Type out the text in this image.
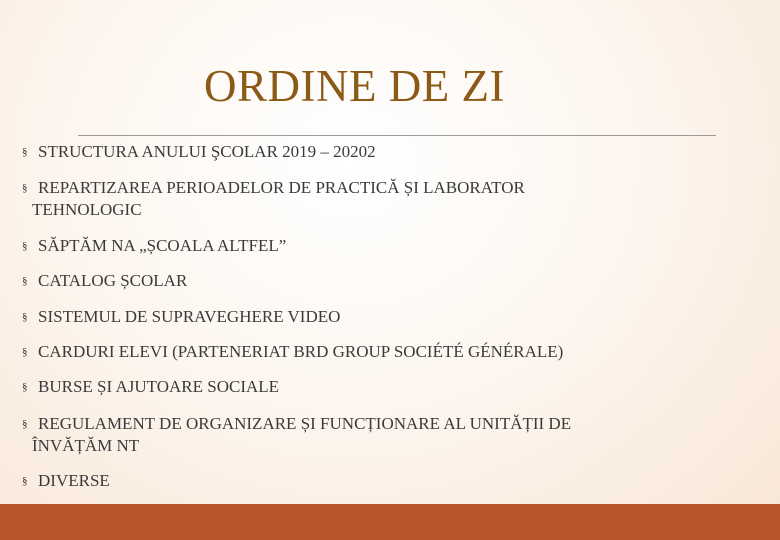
ORDINE DE ZI
§ STRUCTURA ANULUI ŞCOLAR 2019 – 20202
§ REPARTIZAREA PERIOADELOR DE PRACTICĂ ȘI LABORATOR
TEHNOLOGIC
§ SĂPTĂM NA „ȘCOALA ALTFEL”
§ CATALOG ȘCOLAR
§ SISTEMUL DE SUPRAVEGHERE VIDEO
§ CARDURI ELEVI (PARTENERIAT BRD GROUP SOCIÉTÉ GÉNÉRALE)
§ BURSE ȘI AJUTOARE SOCIALE
§ REGULAMENT DE ORGANIZARE ȘI FUNCȚIONARE AL UNITĂȚII DE
ÎNVĂȚĂM NT
§ DIVERSE
